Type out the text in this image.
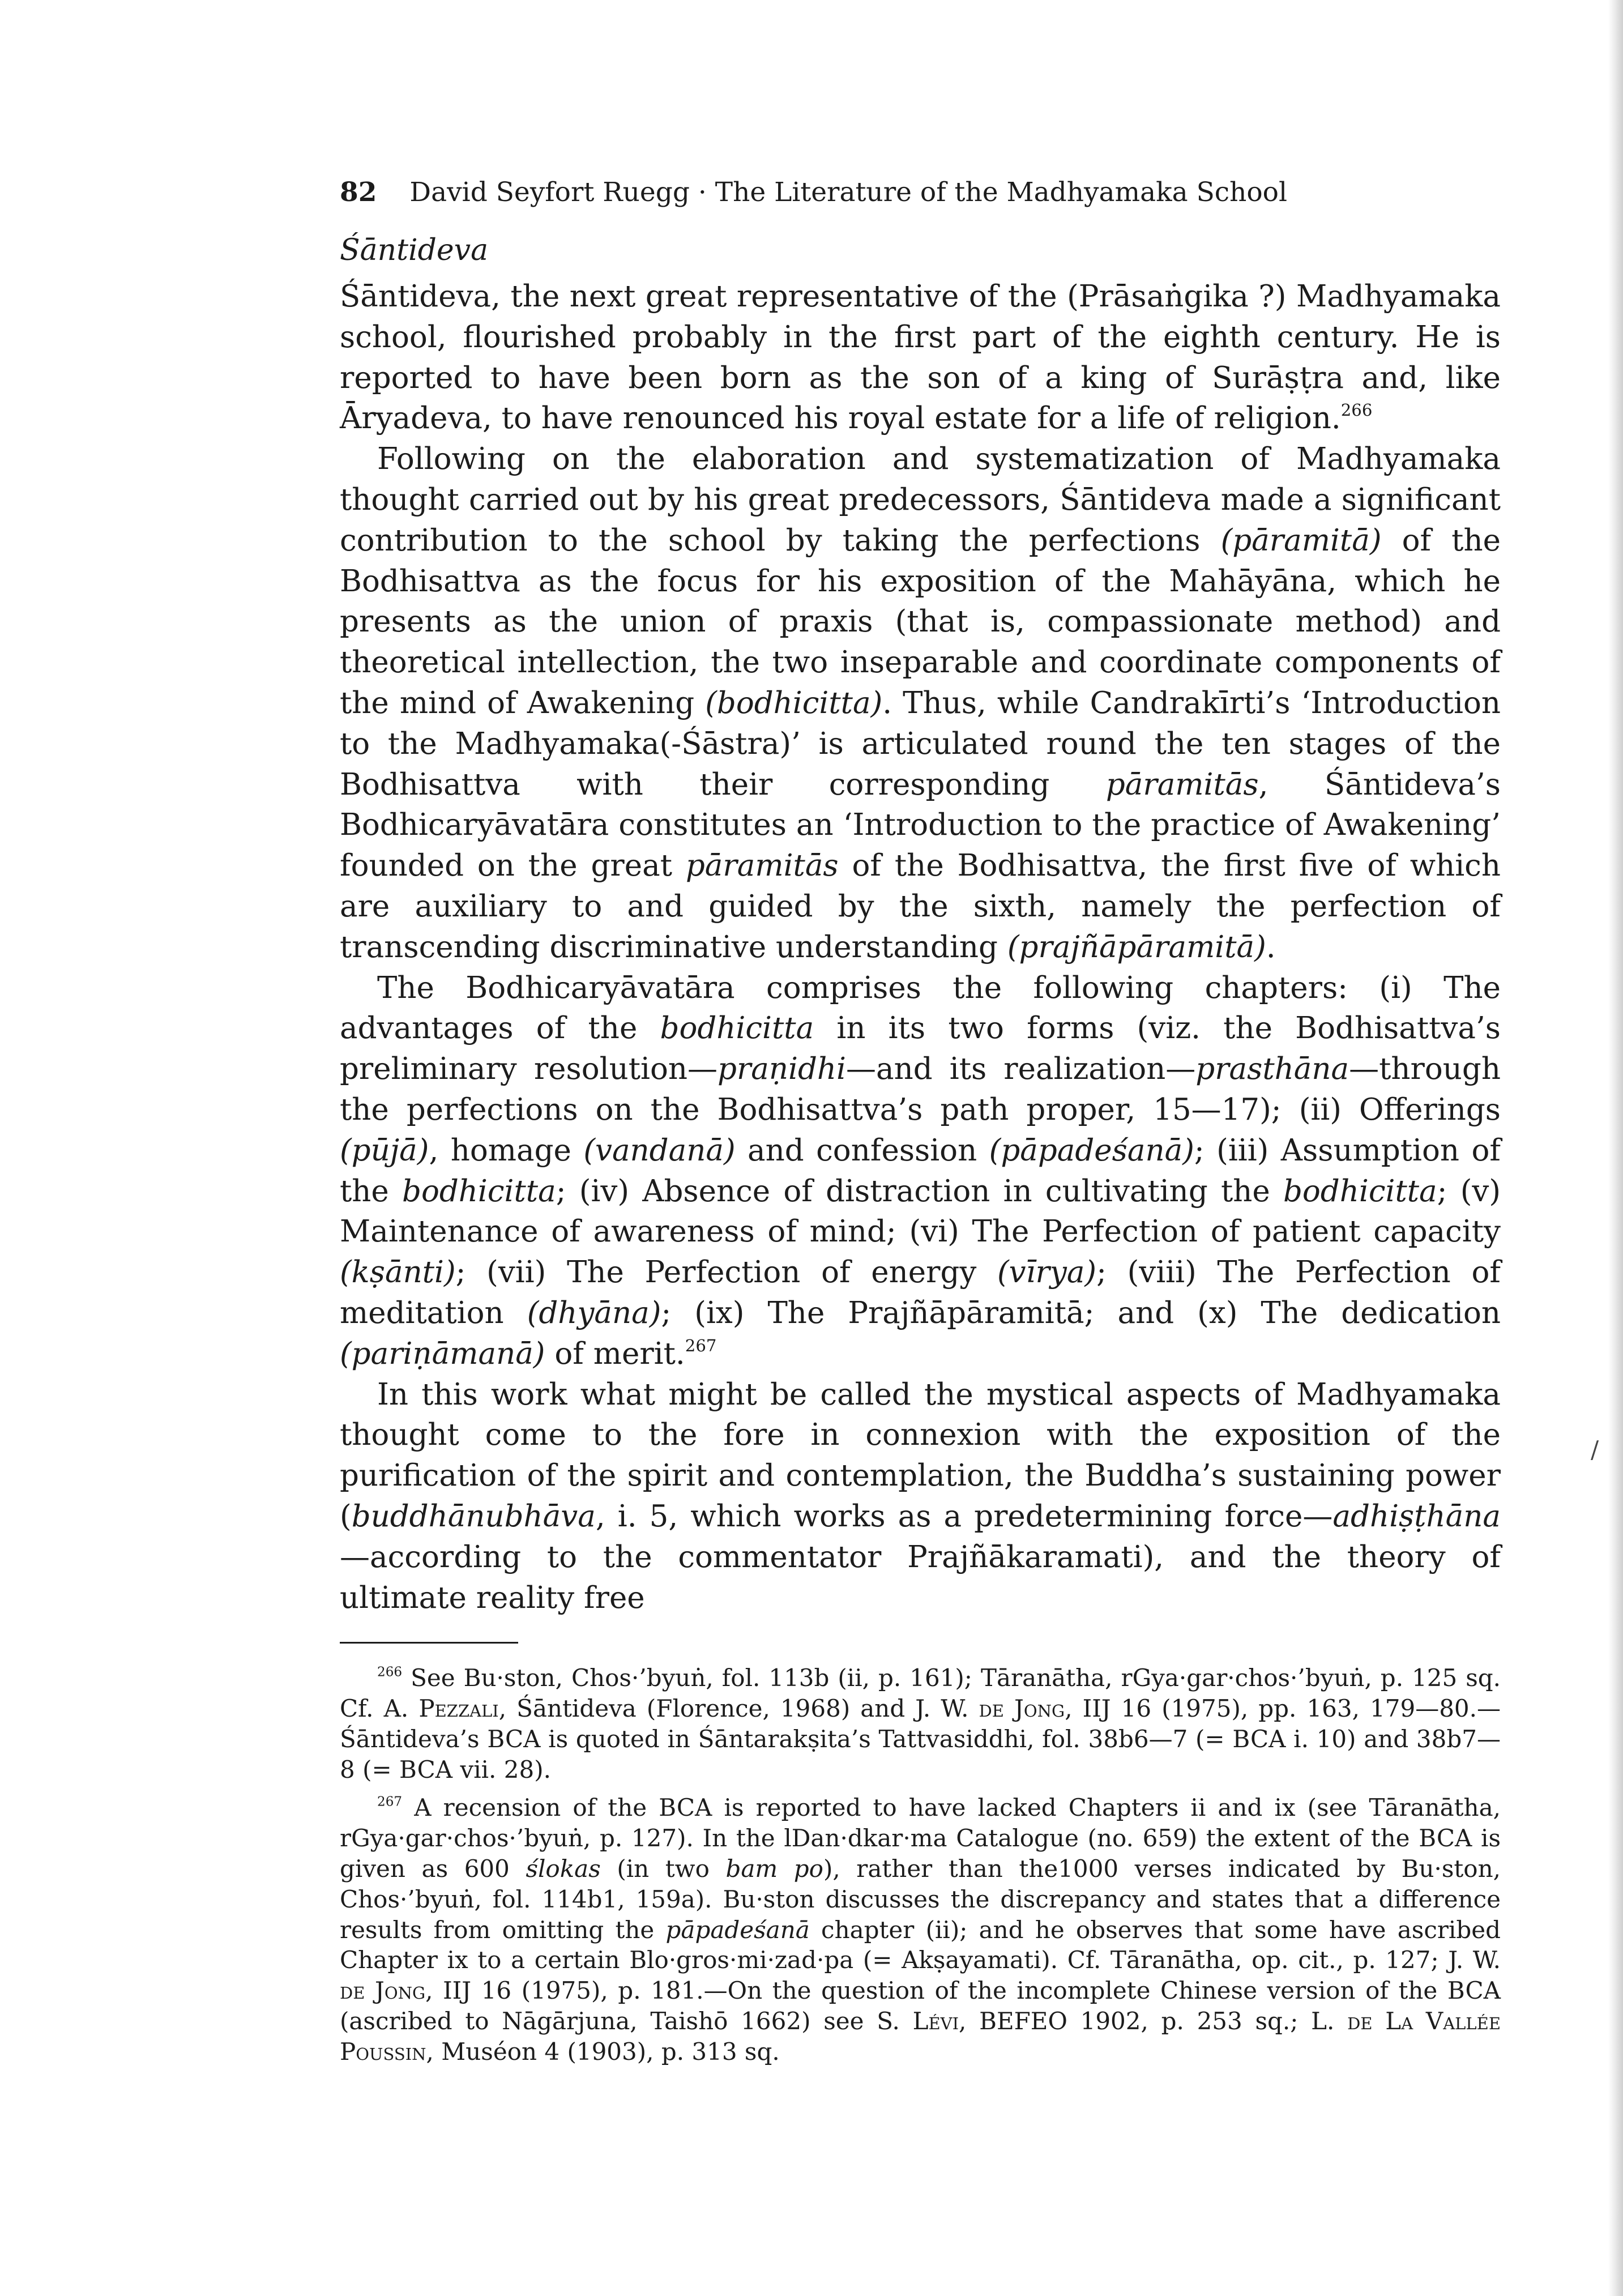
82 David Seyfort Ruegg · The Literature of the Madhyamaka School
Śāntideva

Śāntideva, the next great representative of the (Prāsaṅgika ?) Madhyamaka school, flourished probably in the first part of the eighth century. He is reported to have been born as the son of a king of Surāṣṭra and, like Āryadeva, to have renounced his royal estate for a life of religion.$^{266}$

Following on the elaboration and systematization of Madhyamaka thought carried out by his great predecessors, Śāntideva made a significant contribution to the school by taking the perfections (pāramitā) of the Bodhisattva as the focus for his exposition of the Mahāyāna, which he presents as the union of praxis (that is, compassionate method) and theoretical intellection, the two inseparable and coordinate components of the mind of Awakening (bodhicitta). Thus, while Candrakīrti’s ‘Introduction to the Madhyamaka(-Śāstra)’ is articulated round the ten stages of the Bodhisattva with their corresponding pāramitās, Śāntideva’s Bodhicaryāvatāra constitutes an ‘Introduction to the practice of Awakening’ founded on the great pāramitās of the Bodhisattva, the first five of which are auxiliary to and guided by the sixth, namely the perfection of transcending discriminative understanding (prajñāpāramitā).

The Bodhicaryāvatāra comprises the following chapters: (i) The advantages of the bodhicitta in its two forms (viz. the Bodhisattva’s preliminary resolution—praṇidhi—and its realization—prasthāna—through the perfections on the Bodhisattva’s path proper, 15—17); (ii) Offerings (pūjā), homage (vandanā) and confession (pāpadeśanā); (iii) Assumption of the bodhicitta; (iv) Absence of distraction in cultivating the bodhicitta; (v) Maintenance of awareness of mind; (vi) The Perfection of patient capacity (kṣānti); (vii) The Perfection of energy (vīrya); (viii) The Perfection of meditation (dhyāna); (ix) The Prajñāpāramitā; and (x) The dedication (pariṇāmanā) of merit.$^{267}$

In this work what might be called the mystical aspects of Madhyamaka thought come to the fore in connexion with the exposition of the purification of the spirit and contemplation, the Buddha’s sustaining power (buddhānubhāva, i. 5, which works as a predetermining force—adhiṣṭhāna—according to the commentator Prajñākaramati), and the theory of ultimate reality free

$^{266}$ See Bu·ston, Chos·’byuṅ, fol. 113b (ii, p. 161); Tāranātha, rGya·gar·chos·’byuṅ, p. 125 sq. Cf. A. Pezzali, Śāntideva (Florence, 1968) and J. W. de Jong, IIJ 16 (1975), pp. 163, 179—80.—Śāntideva’s BCA is quoted in Śāntarakṣita’s Tattvasiddhi, fol. 38b6—7 (= BCA i. 10) and 38b7—8 (= BCA vii. 28).

$^{267}$ A recension of the BCA is reported to have lacked Chapters ii and ix (see Tāranātha, rGya·gar·chos·’byuṅ, p. 127). In the lDan·dkar·ma Catalogue (no. 659) the extent of the BCA is given as 600 ślokas (in two bam po), rather than the1000 verses indicated by Bu·ston, Chos·’byuṅ, fol. 114b1, 159a). Bu·ston discusses the discrepancy and states that a difference results from omitting the pāpadeśanā chapter (ii); and he observes that some have ascribed Chapter ix to a certain Blo·gros·mi·zad·pa (= Akṣayamati). Cf. Tāranātha, op. cit., p. 127; J. W. de Jong, IIJ 16 (1975), p. 181.—On the question of the incomplete Chinese version of the BCA (ascribed to Nāgārjuna, Taishō 1662) see S. Lévi, BEFEO 1902, p. 253 sq.; L. de La Vallée Poussin, Muséon 4 (1903), p. 313 sq.

/
